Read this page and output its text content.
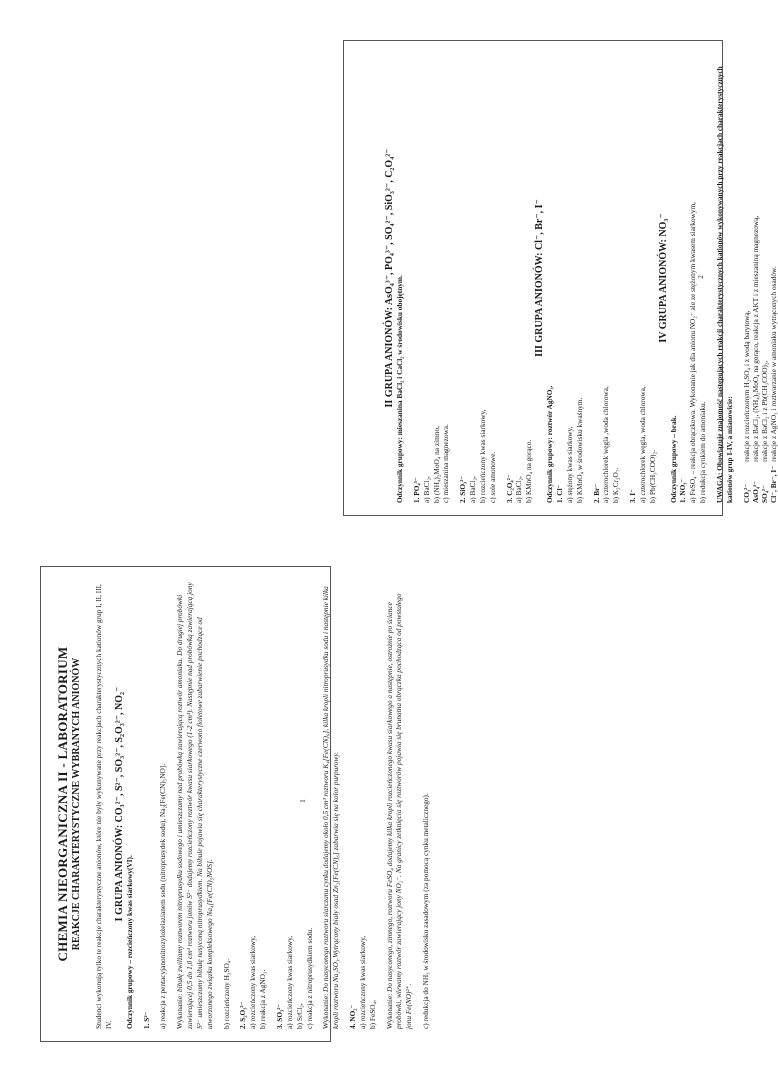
CHEMIA NIEORGANICZNA II - LABORATORIUM REAKCJE CHARAKTERYSTYCZNE WYBRANYCH ANIONÓW Studenci wykonują tylko te reakcje charakterystyczne anionów, które nie były wykonywane przy reakcjach charakterystycznych kationów grup I, II, III, IV.

I GRUPA ANIONÓW: CO₃²⁻, S²⁻, SO₃²⁻, S₂O₃²⁻, NO₂⁻

Odczynnik grupowy – rozcieńczony kwas siarkowy(VI). 1. S²⁻ a) reakcja z pentacyjanonitrozylożelazianem sodu (nitroprusydek sodu), Na₂[Fe(CN)₅NO]. Wykonanie: bibułę zwilżamy roztworem nitroprusydku sodowego i umieszczamy nad probówką zawierającą roztwór amoniaku. Do drugiej probówki zawierającej 0,5 do 1,0 cm³ roztworu jonów S²⁻ dodajemy rozcieńczony roztwór kwasu siarkowego (1-2 cm³). Następnie nad probówką zawierającą jony S²⁻ umieszczamy bibułę nasyconą nitroprusydkiem. Na bibule pojawia się charakterystyczne czerwono fioletowe zabarwienie pochodzące od utworzonego związku kompleksowego Na₄[Fe(CN)₅NOS]. b) rozcieńczony H₂SO₄. 2. S₂O₃²⁻ a) rozcieńczony kwas siarkowy, b) reakcja z AgNO₃. 3. SO₃²⁻ a) rozcieńczony kwas siarkowy, b) SrCl₂, c) reakcja z nitroprusydkiem sodu. Wykonanie: Do nasyconego roztworu siarczanu cynku dodajemy około 0,5 cm³ roztworu K₄[Fe(CN)₆], kilka kropli nitroprusydku sodu i następnie kilka kropli roztworu Na₂SO₃.Wytrącony biały osad Zn₂[Fe(CN)₆] zabarwia się na kolor purpurowy. 4. NO₂⁻ a) rozcieńczony kwas siarkowy, b) FeSO₄, Wykonanie: Do nasyconego, zimnego, roztworu FeSO₄ dodajemy kilka kropli rozcieńczonego kwasu siarkowego a następnie, ostrożnie po ściance probówki, wlewamy roztwór zawierający jony NO₂⁻. Na granicy zetknięcia się roztworów pojawia się brunatna obrączka pochodząca od powstałego jonu Fe(NO)²⁺. c) redukcja do NH₃ w środowisku zasadowym (za pomocą cynku metalicznego).

1
II GRUPA ANIONÓW: AsO₄³⁻, PO₄³⁻, SO₄²⁻, SiO₃²⁻, C₂O₄²⁻ Odczynnik grupowy: mieszanina BaCl₂ i CaCl₂ w środowisku obojętnym. 1. PO₄³⁻ a) BaCl₂, b) (NH₄)₂MoO₄ na zimno, c) mieszanina magnezowa. 2. SiO₃²⁻ a) BaCl₂, b) rozcieńczony kwas siarkowy, c) sole amonowe. 3. C₂O₄²⁻ a) BaCl₂, b) KMnO₄ na gorąco.

III GRUPA ANIONÓW: Cl⁻, Br⁻, I⁻

Odczynnik grupowy: roztwór AgNO₃. 1. Cl⁻ a) stężony kwas siarkowy, b) KMnO₄ w środowisku kwaśnym. 2. Br⁻ a) czterochlorek węgla ,woda chlorowa, b) K₂Cr₂O₇. 3. I⁻ a) czterochlorek węgla, woda chlorowa, b) Pb(CH₃COO)₂.

IV GRUPA ANIONÓW: NO₃⁻

Odczynnik grupowy – brak. 1. NO₃⁻ a) FeSO₄ – reakcja obrączkowa. Wykonanie jak dla anionu NO₂⁻ ale ze stężonym kwasem siarkowym, b) redukcja cynkiem do amoniaku. UWAGA: Obowiązuje znajomość następujących reakcji charakterystycznych kationów wykonywanych przy reakcjach charakterystycznych kationów grup I-IV, a mianowicie: CO₃²⁻	reakcje z rozcieńczonym H₂SO₄ i z wodą barytową,
AsO₄³⁻	reakcje z BaCl₂, (NH₄)₂MoO₄ na gorąco, reakcja z AKT i z mieszaniną magnezową,
SO₄²⁻	reakcje z BaCl₂ i z Pb(CH₃COO)₂,
Cl⁻, Br⁻, I⁻	reakcje z AgNO₃ i roztwarzanie w amoniaku wytrąconych osadów.
2
